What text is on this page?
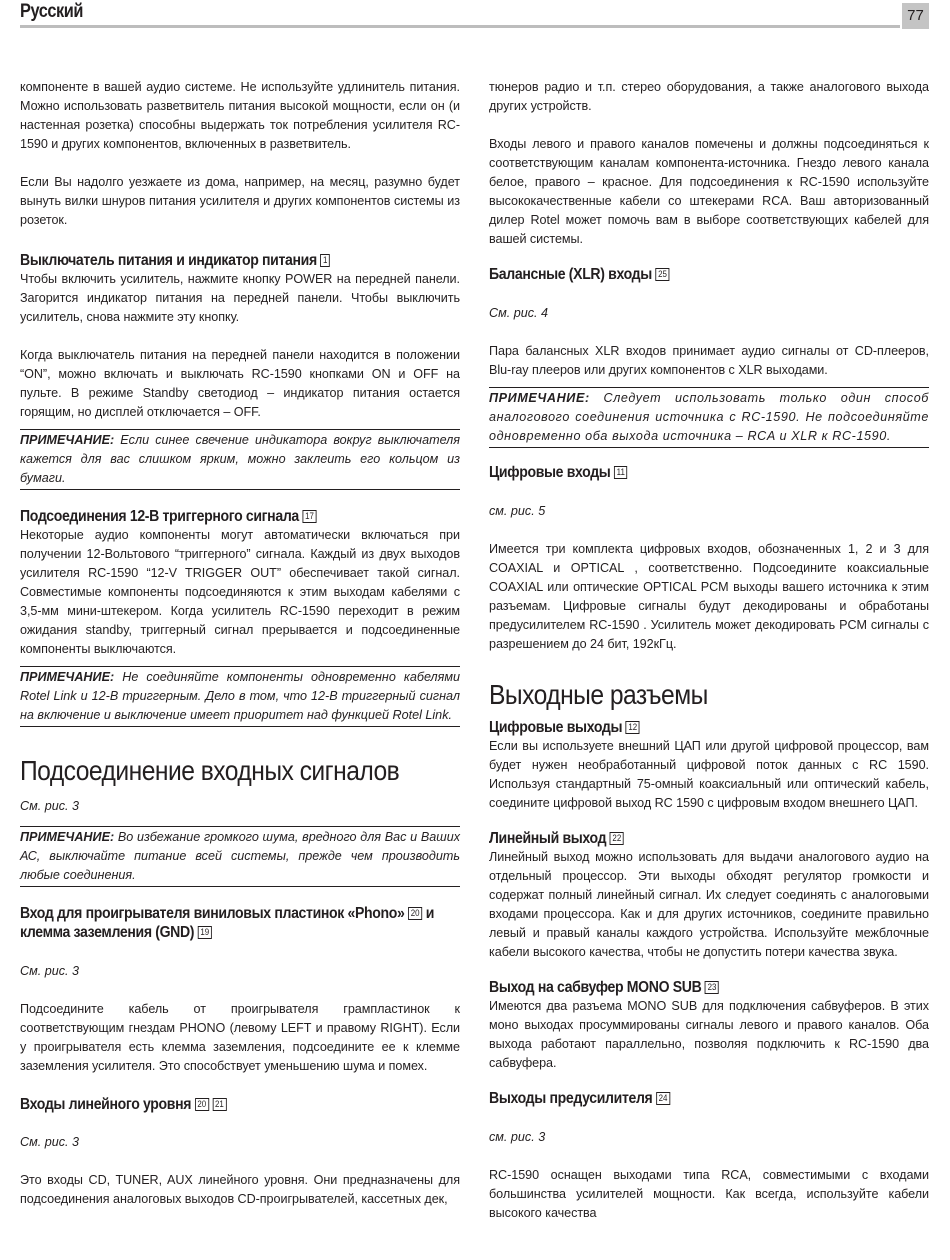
Русский	77

компоненте в вашей аудио системе. Не используйте удлинитель питания. Можно использовать разветвитель питания высокой мощности, если он (и настенная розетка) способны выдержать ток потребления усилителя RC-1590 и других компонентов, включенных в разветвитель.

Если Вы надолго уезжаете из дома, например, на месяц, разумно будет вынуть вилки шнуров питания усилителя и других компонентов системы из розеток.

Выключатель питания и индикатор питания 1

Чтобы включить усилитель, нажмите кнопку POWER на передней панели. Загорится индикатор питания на передней панели. Чтобы выключить усилитель, снова нажмите эту кнопку.

Когда выключатель питания на передней панели находится в положении “ON”, можно включать и выключать RC-1590 кнопками ON и OFF на пульте. В режиме Standby светодиод – индикатор питания остается горящим, но дисплей отключается – OFF.

ПРИМЕЧАНИЕ: Если синее свечение индикатора вокруг выключателя кажется для вас слишком ярким, можно заклеить его кольцом из бумаги.
Подсоединения 12-В триггерного сигнала 17

Некоторые аудио компоненты могут автоматически включаться при получении 12-Вольтового “триггерного” сигнала. Каждый из двух выходов усилителя RC-1590 “12-V TRIGGER OUT” обеспечивает такой сигнал. Совместимые компоненты подсоединяются к этим выходам кабелями с 3,5-мм мини-штекером. Когда усилитель RC-1590 переходит в режим ожидания standby, триггерный сигнал прерывается и подсоединенные компоненты выключаются.

ПРИМЕЧАНИЕ: Не соединяйте компоненты одновременно кабелями Rotel Link и 12-В триггерным. Дело в том, что 12-В триггерный сигнал на включение и выключение имеет приоритет над функцией Rotel Link.
Подсоединение входных сигналов

См. рис. 3

ПРИМЕЧАНИЕ: Во избежание громкого шума, вредного для Вас и Ваших АС, выключайте питание всей системы, прежде чем производить любые соединения.
Вход для проигрывателя виниловых пластинок «Phono» 20 и
клемма заземления (GND) 19

См. рис. 3

Подсоедините кабель от проигрывателя грампластинок к соответствующим гнездам PHONO (левому LEFT и правому RIGHT). Если у проигрывателя есть клемма заземления, подсоедините ее к клемме заземления усилителя. Это способствует уменьшению шума и помех.

Входы линейного уровня 20 21

См. рис. 3

Это входы CD, TUNER, AUX линейного уровня. Они предназначены для подсоединения аналоговых выходов CD-проигрывателей, кассетных дек,

тюнеров радио и т.п. стерео оборудования, а также аналогового выхода других устройств.

Входы левого и правого каналов помечены и должны подсоединяться к соответствующим каналам компонента-источника. Гнездо левого канала белое, правого – красное. Для подсоединения к RC-1590 используйте высококачественные кабели со штекерами RCA. Ваш авторизованный дилер Rotel может помочь вам в выборе соответствующих кабелей для вашей системы.

Балансные (XLR) входы 25

См. рис. 4

Пара балансных XLR входов принимает аудио сигналы от CD-плееров, Blu-ray плееров или других компонентов с XLR выходами.

ПРИМЕЧАНИЕ: Следует использовать только один способ аналогового соединения источника с RC-1590. Не подсоединяйте одновременно оба выхода источника – RCA и XLR к RC-1590.
Цифровые входы 11

см. рис. 5

Имеется три комплекта цифровых входов, обозначенных 1, 2 и 3 для COAXIAL и OPTICAL , соответственно. Подсоедините коаксиальные COAXIAL или оптические OPTICAL PCM выходы вашего источника к этим разъемам. Цифровые сигналы будут декодированы и обработаны предусилителем RC-1590 . Усилитель может декодировать PCM сигналы с разрешением до 24 бит, 192кГц.

Выходные разъемы
Цифровые выходы 12

Если вы используете внешний ЦАП или другой цифровой процессор, вам будет нужен необработанный цифровой поток данных с RC 1590. Используя стандартный 75-омный коаксиальный или оптический кабель, соедините цифровой выход RC 1590 с цифровым входом внешнего ЦАП.

Линейный выход 22

Линейный выход можно использовать для выдачи аналогового аудио на отдельный процессор. Эти выходы обходят регулятор громкости и содержат полный линейный сигнал. Их следует соединять с аналоговыми входами процессора. Как и для других источников, соедините правильно левый и правый каналы каждого устройства. Используйте межблочные кабели высокого качества, чтобы не допустить потери качества звука.

Выход на сабвуфер MONO SUB 23

Имеются два разъема MONO SUB для подключения сабвуферов. В этих моно выходах просуммированы сигналы левого и правого каналов. Оба выхода работают параллельно, позволяя подключить к RC-1590 два сабвуфера.

Выходы предусилителя 24

см. рис. 3

RC-1590 оснащен выходами типа RCA, совместимыми с входами большинства усилителей мощности. Как всегда, используйте кабели высокого качества
